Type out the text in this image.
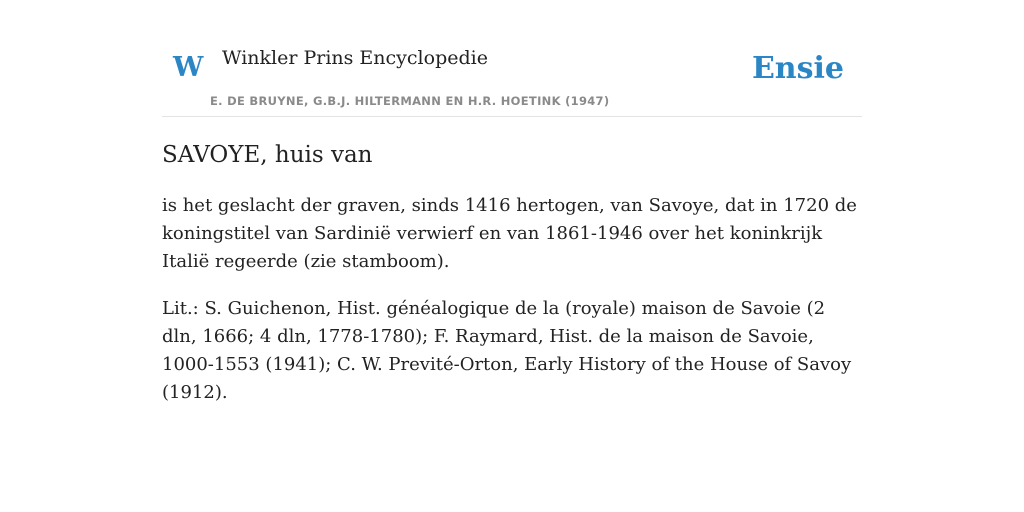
W Winkler Prins Encyclopedie
E. DE BRUYNE, G.B.J. HILTERMANN EN H.R. HOETINK (1947)
Ensie
SAVOYE, huis van

is het geslacht der graven, sinds 1416 hertogen, van Savoye, dat in 1720 de koningstitel van Sardinië verwierf en van 1861-1946 over het koninkrijk Italië regeerde (zie stamboom).

Lit.: S. Guichenon, Hist. généalogique de la (royale) maison de Savoie (2 dln, 1666; 4 dln, 1778-1780); F. Raymard, Hist. de la maison de Savoie, 1000-1553 (1941); C. W. Previté-Orton, Early History of the House of Savoy (1912).
